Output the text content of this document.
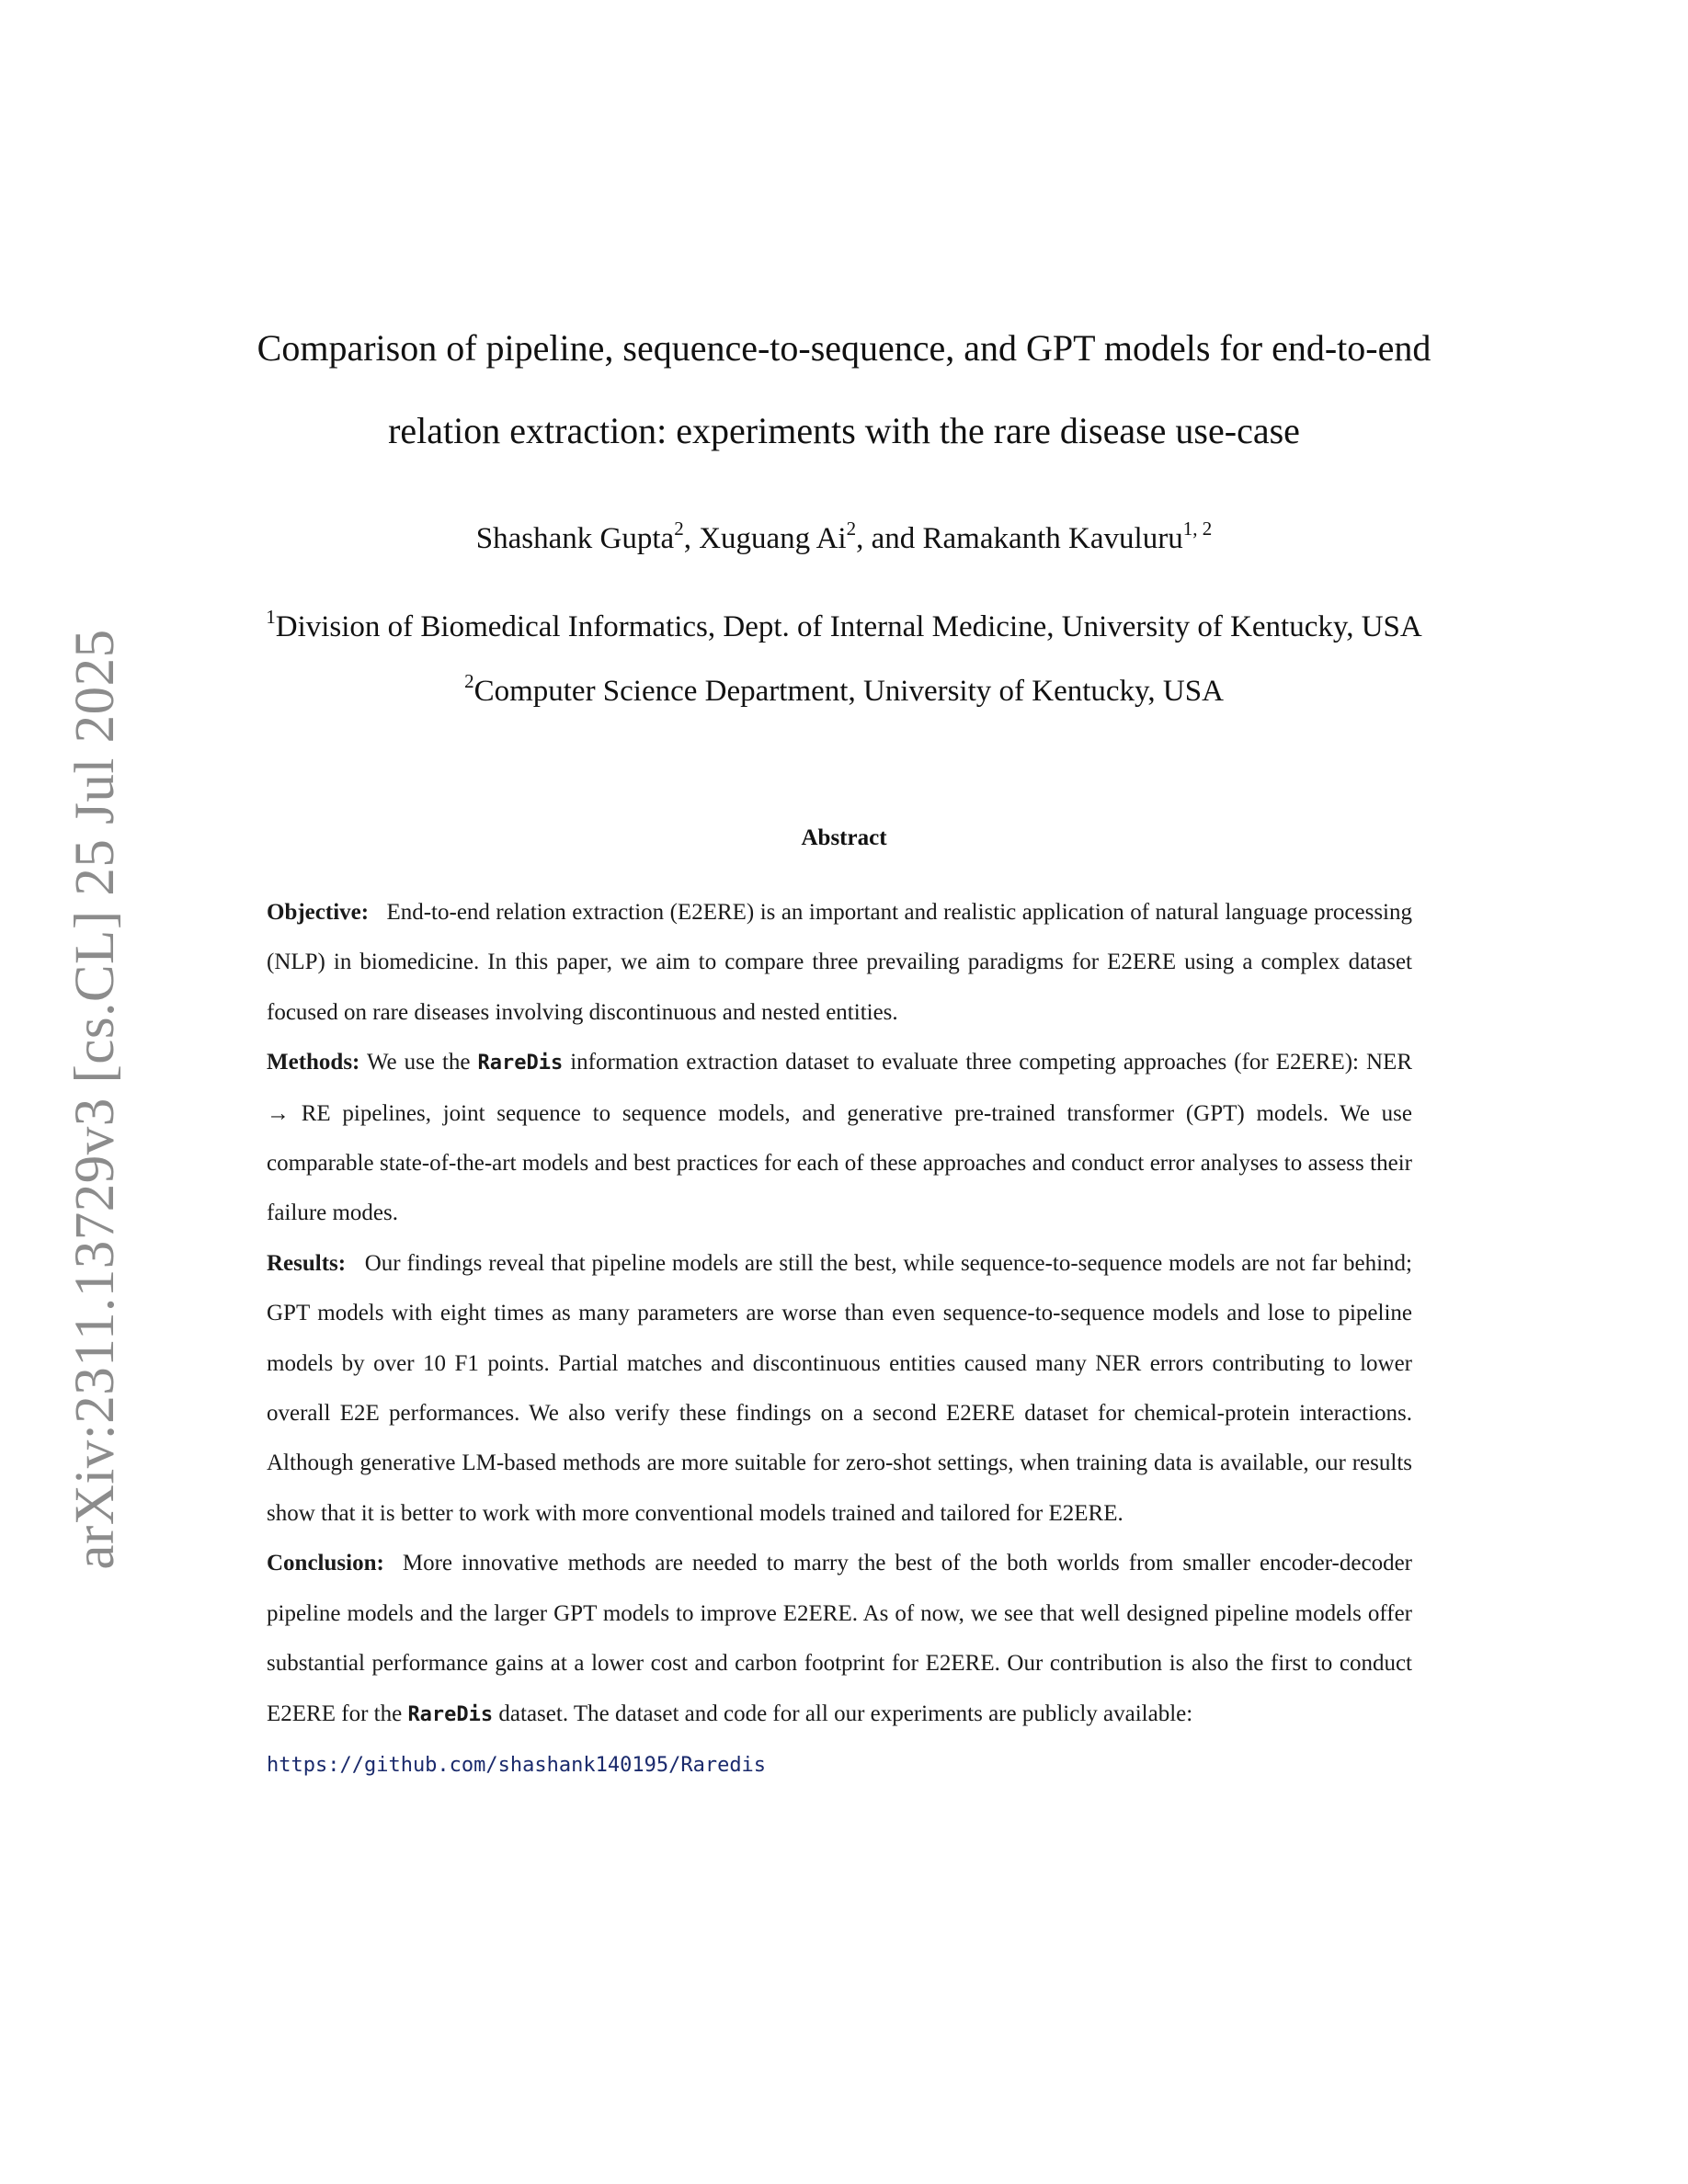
arXiv:2311.13729v3 [cs.CL] 25 Jul 2025
Comparison of pipeline, sequence-to-sequence, and GPT models for end-to-end
relation extraction: experiments with the rare disease use-case
Shashank Gupta$^2$, Xuguang Ai$^2$, and Ramakanth Kavuluru$^{1, 2}$
$^1$Division of Biomedical Informatics, Dept. of Internal Medicine, University of Kentucky, USA
$^2$Computer Science Department, University of Kentucky, USA
Abstract

Objective: End-to-end relation extraction (E2ERE) is an important and realistic application of natural language processing (NLP) in biomedicine. In this paper, we aim to compare three prevailing paradigms for E2ERE using a complex dataset focused on rare diseases involving discontinuous and nested entities.

Methods: We use the RareDis information extraction dataset to evaluate three competing approaches (for E2ERE): NER → RE pipelines, joint sequence to sequence models, and generative pre-trained transformer (GPT) models. We use comparable state-of-the-art models and best practices for each of these approaches and conduct error analyses to assess their failure modes.

Results: Our findings reveal that pipeline models are still the best, while sequence-to-sequence models are not far behind; GPT models with eight times as many parameters are worse than even sequence-to-sequence models and lose to pipeline models by over 10 F1 points. Partial matches and discontinuous entities caused many NER errors contributing to lower overall E2E performances. We also verify these findings on a second E2ERE dataset for chemical-protein interactions. Although generative LM-based methods are more suitable for zero-shot settings, when training data is available, our results show that it is better to work with more conventional models trained and tailored for E2ERE.

Conclusion: More innovative methods are needed to marry the best of the both worlds from smaller encoder-decoder pipeline models and the larger GPT models to improve E2ERE. As of now, we see that well designed pipeline models offer substantial performance gains at a lower cost and carbon footprint for E2ERE. Our contribution is also the first to conduct E2ERE for the RareDis dataset. The dataset and code for all our experiments are publicly available:
https://github.com/shashank140195/Raredis
